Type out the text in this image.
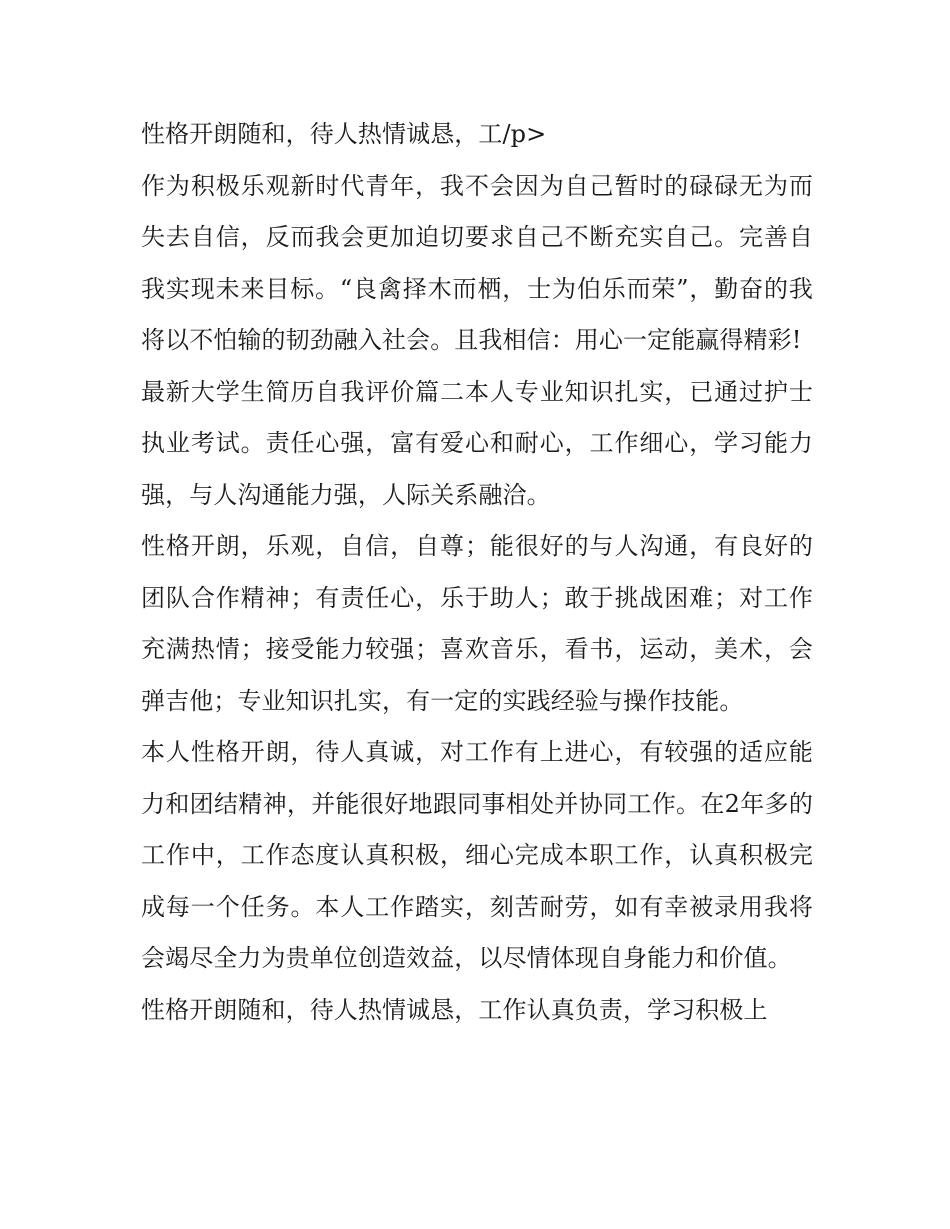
性格开朗随和，待人热情诚恳，工/p>

作为积极乐观新时代青年，我不会因为自己暂时的碌碌无为而失去自信，反而我会更加迫切要求自己不断充实自己。完善自我实现未来目标。“良禽择木而栖，士为伯乐而荣”，勤奋的我将以不怕输的韧劲融入社会。且我相信：用心一定能赢得精彩!

最新大学生简历自我评价篇二本人专业知识扎实，已通过护士执业考试。责任心强，富有爱心和耐心，工作细心，学习能力强，与人沟通能力强，人际关系融洽。

性格开朗，乐观，自信，自尊；能很好的与人沟通，有良好的团队合作精神；有责任心，乐于助人；敢于挑战困难；对工作充满热情；接受能力较强；喜欢音乐，看书，运动，美术，会弹吉他；专业知识扎实，有一定的实践经验与操作技能。

本人性格开朗，待人真诚，对工作有上进心，有较强的适应能力和团结精神，并能很好地跟同事相处并协同工作。在2年多的工作中，工作态度认真积极，细心完成本职工作，认真积极完成每一个任务。本人工作踏实，刻苦耐劳，如有幸被录用我将会竭尽全力为贵单位创造效益，以尽情体现自身能力和价值。

性格开朗随和，待人热情诚恳，工作认真负责，学习积极上
